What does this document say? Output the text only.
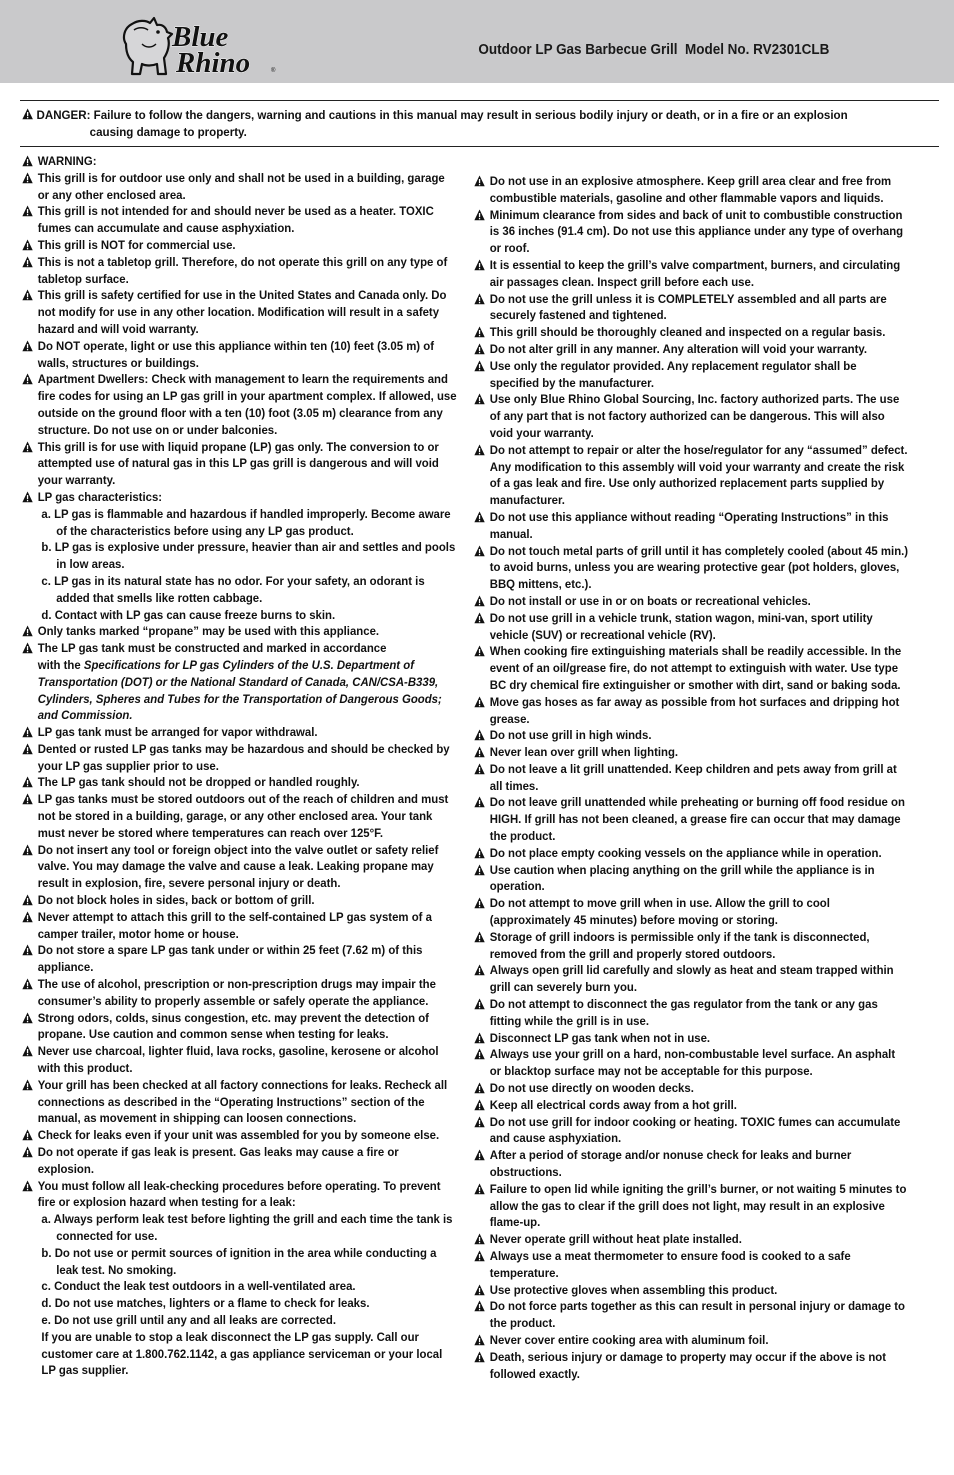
Blue
Rhino	®
Outdoor LP Gas Barbecue Grill  Model No. RV2301CLB
DANGER: Failure to follow the dangers, warning and cautions in this manual may result in serious bodily injury or death, or in a fire or an explosion
causing damage to property.
WARNING:
This grill is for outdoor use only and shall not be used in a building, garage or any other enclosed area.
This grill is not intended for and should never be used as a heater. TOXIC fumes can accumulate and cause asphyxiation.
This grill is NOT for commercial use.
This is not a tabletop grill. Therefore, do not operate this grill on any type of tabletop surface.
This grill is safety certified for use in the United States and Canada only. Do not modify for use in any other location. Modification will result in a safety hazard and will void warranty.
Do NOT operate, light or use this appliance within ten (10) feet (3.05 m) of walls, structures or buildings.
Apartment Dwellers: Check with management to learn the requirements and fire codes for using an LP gas grill in your apartment complex. If allowed, use outside on the ground floor with a ten (10) foot (3.05 m) clearance from any structure. Do not use on or under balconies.
This grill is for use with liquid propane (LP) gas only. The conversion to or attempted use of natural gas in this LP gas grill is dangerous and will void your warranty.
LP gas characteristics:
a. LP gas is flammable and hazardous if handled improperly. Become aware of the characteristics before using any LP gas product.
b. LP gas is explosive under pressure, heavier than air and settles and pools in low areas.
c. LP gas in its natural state has no odor. For your safety, an odorant is added that smells like rotten cabbage.
d. Contact with LP gas can cause freeze burns to skin.
Only tanks marked “propane” may be used with this appliance.
The LP gas tank must be constructed and marked in accordance
with the Specifications for LP gas Cylinders of the U.S. Department of Transportation (DOT) or the National Standard of Canada, CAN/CSA-B339, Cylinders, Spheres and Tubes for the Transportation of Dangerous Goods; and Commission.
LP gas tank must be arranged for vapor withdrawal.
Dented or rusted LP gas tanks may be hazardous and should be checked by your LP gas supplier prior to use.
The LP gas tank should not be dropped or handled roughly.
LP gas tanks must be stored outdoors out of the reach of children and must not be stored in a building, garage, or any other enclosed area. Your tank must never be stored where temperatures can reach over 125°F.
Do not insert any tool or foreign object into the valve outlet or safety relief valve. You may damage the valve and cause a leak. Leaking propane may result in explosion, fire, severe personal injury or death.
Do not block holes in sides, back or bottom of grill.
Never attempt to attach this grill to the self-contained LP gas system of a camper trailer, motor home or house.
Do not store a spare LP gas tank under or within 25 feet (7.62 m) of this appliance.
The use of alcohol, prescription or non-prescription drugs may impair the consumer’s ability to properly assemble or safely operate the appliance.
Strong odors, colds, sinus congestion, etc. may prevent the detection of propane. Use caution and common sense when testing for leaks.
Never use charcoal, lighter fluid, lava rocks, gasoline, kerosene or alcohol with this product.
Your grill has been checked at all factory connections for leaks. Recheck all connections as described in the “Operating Instructions” section of the manual, as movement in shipping can loosen connections.
Check for leaks even if your unit was assembled for you by someone else.
Do not operate if gas leak is present. Gas leaks may cause a fire or explosion.
You must follow all leak-checking procedures before operating. To prevent fire or explosion hazard when testing for a leak:
a. Always perform leak test before lighting the grill and each time the tank is connected for use.
b. Do not use or permit sources of ignition in the area while conducting a leak test. No smoking.
c. Conduct the leak test outdoors in a well-ventilated area.
d. Do not use matches, lighters or a flame to check for leaks.
e. Do not use grill until any and all leaks are corrected.
If you are unable to stop a leak disconnect the LP gas supply. Call our customer care at 1.800.762.1142, a gas appliance serviceman or your local LP gas supplier.
Do not use in an explosive atmosphere. Keep grill area clear and free from combustible materials, gasoline and other flammable vapors and liquids.
Minimum clearance from sides and back of unit to combustible construction is 36 inches (91.4 cm). Do not use this appliance under any type of overhang or roof.
It is essential to keep the grill’s valve compartment, burners, and circulating air passages clean. Inspect grill before each use.
Do not use the grill unless it is COMPLETELY assembled and all parts are securely fastened and tightened.
This grill should be thoroughly cleaned and inspected on a regular basis.
Do not alter grill in any manner. Any alteration will void your warranty.
Use only the regulator provided. Any replacement regulator shall be specified by the manufacturer.
Use only Blue Rhino Global Sourcing, Inc. factory authorized parts. The use of any part that is not factory authorized can be dangerous. This will also void your warranty.
Do not attempt to repair or alter the hose/regulator for any “assumed” defect. Any modification to this assembly will void your warranty and create the risk of a gas leak and fire. Use only authorized replacement parts supplied by manufacturer.
Do not use this appliance without reading “Operating Instructions” in this manual.
Do not touch metal parts of grill until it has completely cooled (about 45 min.) to avoid burns, unless you are wearing protective gear (pot holders, gloves, BBQ mittens, etc.).
Do not install or use in or on boats or recreational vehicles.
Do not use grill in a vehicle trunk, station wagon, mini-van, sport utility vehicle (SUV) or recreational vehicle (RV).
When cooking fire extinguishing materials shall be readily accessible. In the event of an oil/grease fire, do not attempt to extinguish with water. Use type BC dry chemical fire extinguisher or smother with dirt, sand or baking soda.
Move gas hoses as far away as possible from hot surfaces and dripping hot grease.
Do not use grill in high winds.
Never lean over grill when lighting.
Do not leave a lit grill unattended. Keep children and pets away from grill at all times.
Do not leave grill unattended while preheating or burning off food residue on HIGH. If grill has not been cleaned, a grease fire can occur that may damage the product.
Do not place empty cooking vessels on the appliance while in operation.
Use caution when placing anything on the grill while the appliance is in operation.
Do not attempt to move grill when in use. Allow the grill to cool (approximately 45 minutes) before moving or storing.
Storage of grill indoors is permissible only if the tank is disconnected, removed from the grill and properly stored outdoors.
Always open grill lid carefully and slowly as heat and steam trapped within grill can severely burn you.
Do not attempt to disconnect the gas regulator from the tank or any gas fitting while the grill is in use.
Disconnect LP gas tank when not in use.
Always use your grill on a hard, non-combustable level surface. An asphalt or blacktop surface may not be acceptable for this purpose.
Do not use directly on wooden decks.
Keep all electrical cords away from a hot grill.
Do not use grill for indoor cooking or heating. TOXIC fumes can accumulate and cause asphyxiation.
After a period of storage and/or nonuse check for leaks and burner obstructions.
Failure to open lid while igniting the grill’s burner, or not waiting 5 minutes to allow the gas to clear if the grill does not light, may result in an explosive flame-up.
Never operate grill without heat plate installed.
Always use a meat thermometer to ensure food is cooked to a safe temperature.
Use protective gloves when assembling this product.
Do not force parts together as this can result in personal injury or damage to the product.
Never cover entire cooking area with aluminum foil.
Death, serious injury or damage to property may occur if the above is not followed exactly.
